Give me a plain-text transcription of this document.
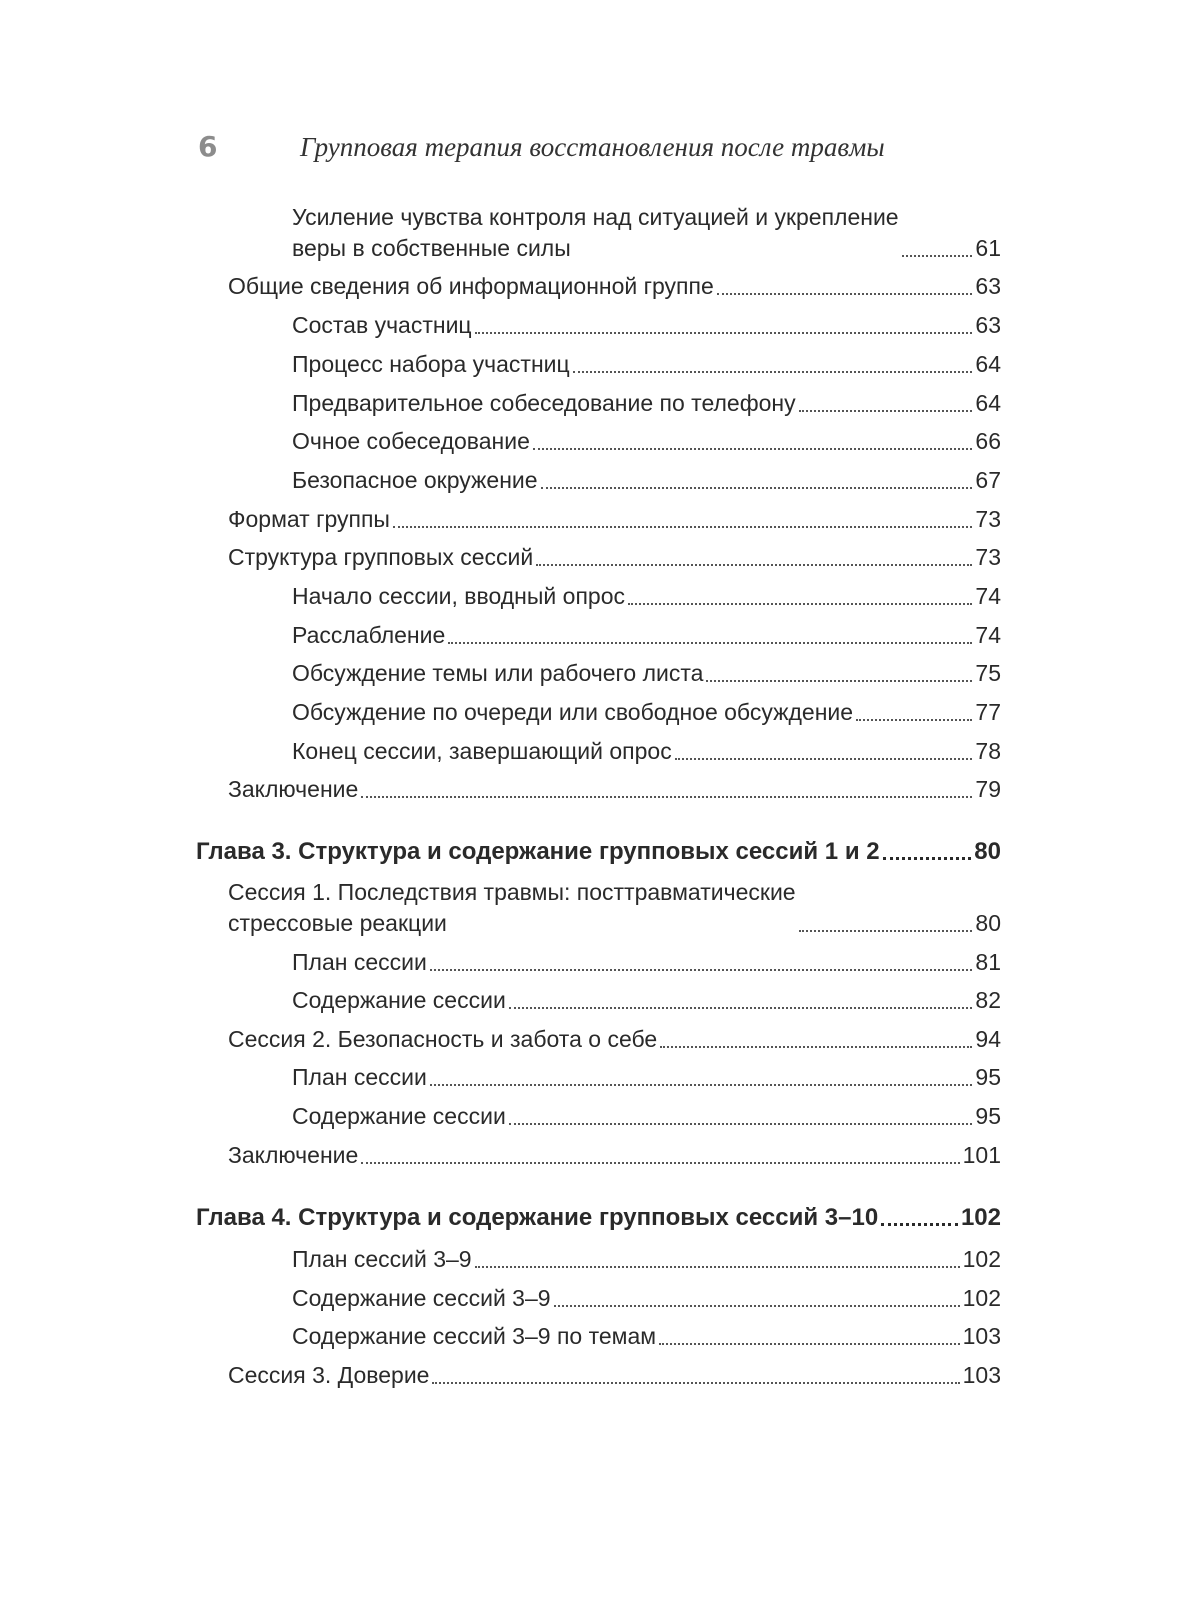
6	Групповая терапия восстановления после травмы
Усиление чувства контроля над ситуацией и укрепление
веры в собственные силы	61
Общие сведения об информационной группе	63
Состав участниц	63
Процесс набора участниц	64
Предварительное собеседование по телефону	64
Очное собеседование	66
Безопасное окружение	67
Формат группы	73
Структура групповых сессий	73
Начало сессии, вводный опрос	74
Расслабление	74
Обсуждение темы или рабочего листа	75
Обсуждение по очереди или свободное обсуждение	77
Конец сессии, завершающий опрос	78
Заключение	79
Глава 3. Структура и содержание групповых сессий 1 и 2	80
Сессия 1. Последствия травмы: посттравматические
стрессовые реакции	80
План сессии	81
Содержание сессии	82
Сессия 2. Безопасность и забота о себе	94
План сессии	95
Содержание сессии	95
Заключение	101
Глава 4. Структура и содержание групповых сессий 3–10	102
План сессий 3–9	102
Содержание сессий 3–9	102
Содержание сессий 3–9 по темам	103
Сессия 3. Доверие	103
